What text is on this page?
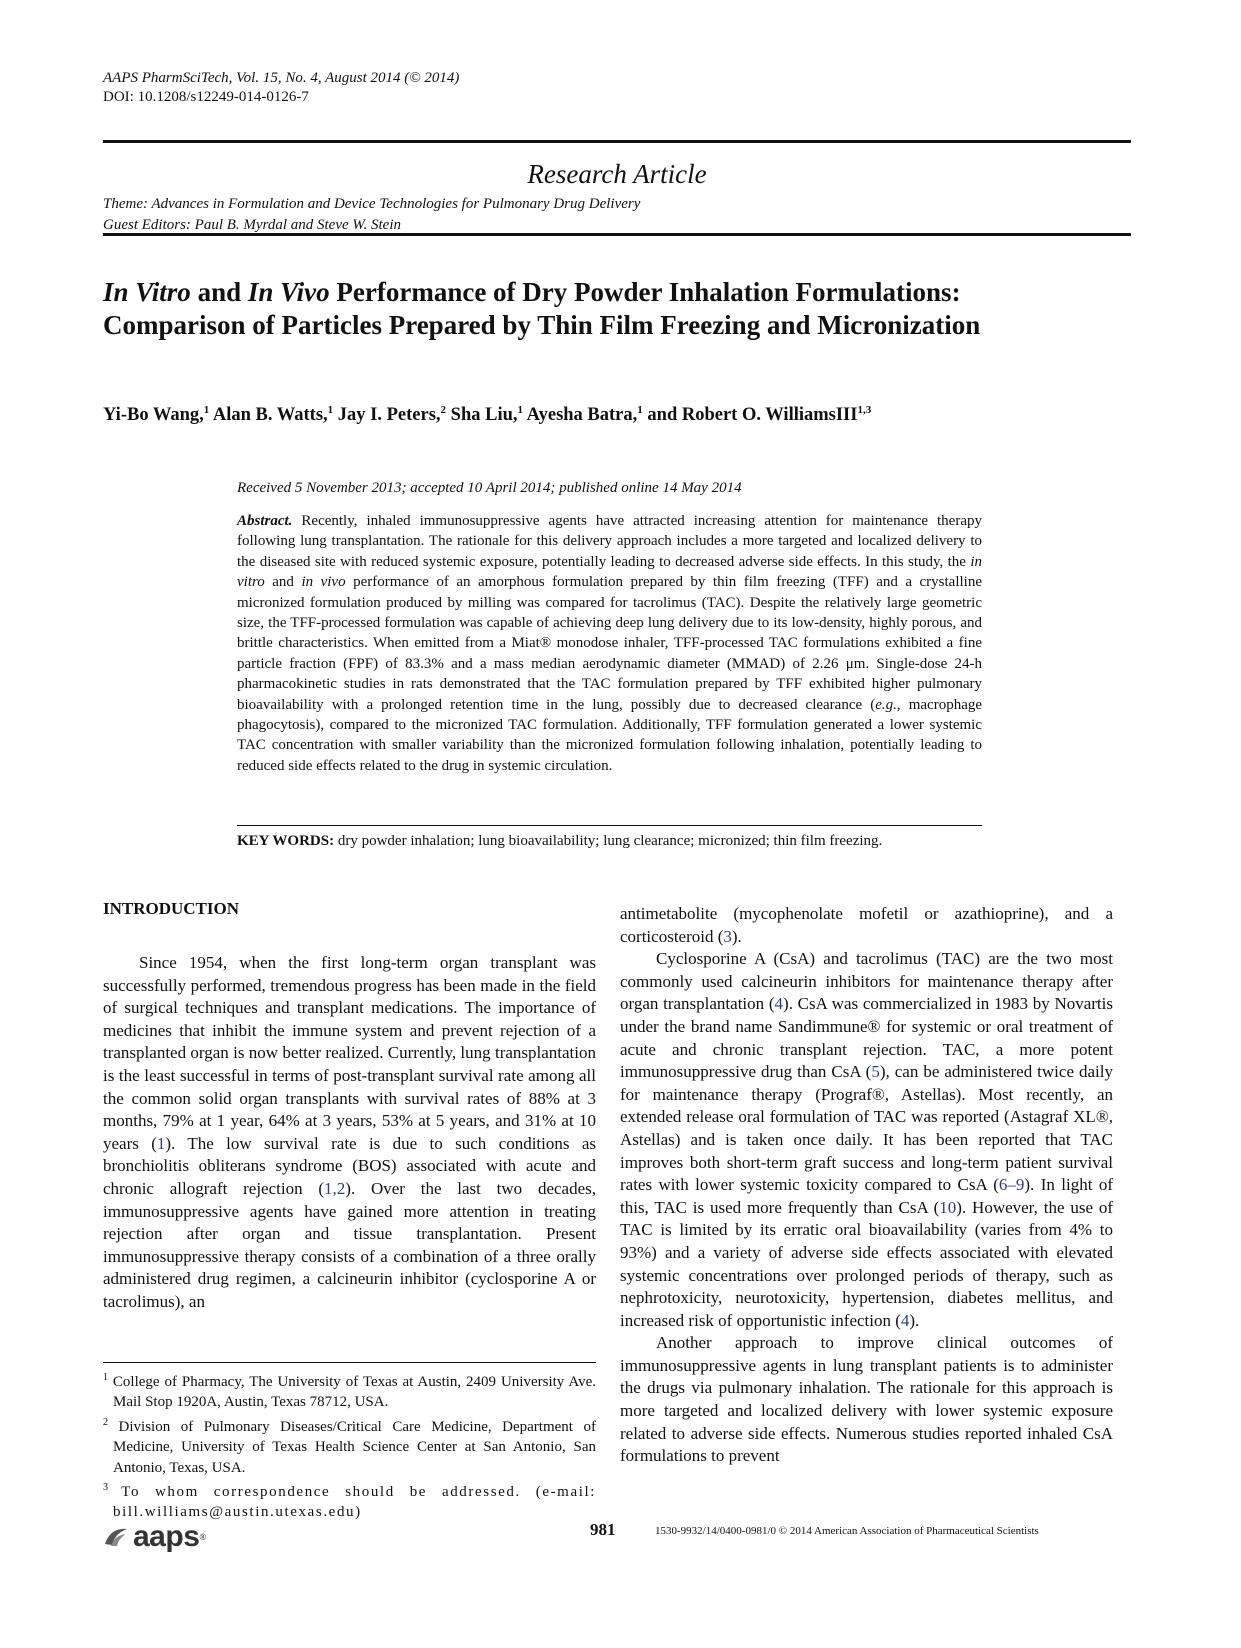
AAPS PharmSciTech, Vol. 15, No. 4, August 2014 (© 2014)
DOI: 10.1208/s12249-014-0126-7
Research Article
Theme: Advances in Formulation and Device Technologies for Pulmonary Drug Delivery
Guest Editors: Paul B. Myrdal and Steve W. Stein
In Vitro and In Vivo Performance of Dry Powder Inhalation Formulations:
Comparison of Particles Prepared by Thin Film Freezing and Micronization
Yi-Bo Wang,$^1$ Alan B. Watts,$^1$ Jay I. Peters,$^2$ Sha Liu,$^1$ Ayesha Batra,$^1$ and Robert O. WilliamsIII$^{1,3}$
Received 5 November 2013; accepted 10 April 2014; published online 14 May 2014
Abstract. Recently, inhaled immunosuppressive agents have attracted increasing attention for maintenance therapy following lung transplantation. The rationale for this delivery approach includes a more targeted and localized delivery to the diseased site with reduced systemic exposure, potentially leading to decreased adverse side effects. In this study, the in vitro and in vivo performance of an amorphous formulation prepared by thin film freezing (TFF) and a crystalline micronized formulation produced by milling was compared for tacrolimus (TAC). Despite the relatively large geometric size, the TFF-processed formulation was capable of achieving deep lung delivery due to its low-density, highly porous, and brittle characteristics. When emitted from a Miat® monodose inhaler, TFF-processed TAC formulations exhibited a fine particle fraction (FPF) of 83.3% and a mass median aerodynamic diameter (MMAD) of 2.26 μm. Single-dose 24-h pharmacokinetic studies in rats demonstrated that the TAC formulation prepared by TFF exhibited higher pulmonary bioavailability with a prolonged retention time in the lung, possibly due to decreased clearance (e.g., macrophage phagocytosis), compared to the micronized TAC formulation. Additionally, TFF formulation generated a lower systemic TAC concentration with smaller variability than the micronized formulation following inhalation, potentially leading to reduced side effects related to the drug in systemic circulation.
KEY WORDS: dry powder inhalation; lung bioavailability; lung clearance; micronized; thin film freezing.
INTRODUCTION

Since 1954, when the first long-term organ transplant was successfully performed, tremendous progress has been made in the field of surgical techniques and transplant medications. The importance of medicines that inhibit the immune system and prevent rejection of a transplanted organ is now better realized. Currently, lung transplantation is the least successful in terms of post-transplant survival rate among all the common solid organ transplants with survival rates of 88% at 3 months, 79% at 1 year, 64% at 3 years, 53% at 5 years, and 31% at 10 years (1). The low survival rate is due to such conditions as bronchiolitis obliterans syndrome (BOS) associated with acute and chronic allograft rejection (1,2). Over the last two decades, immunosuppressive agents have gained more attention in treating rejection after organ and tissue transplantation. Present immunosuppressive therapy consists of a combination of a three orally administered drug regimen, a calcineurin inhibitor (cyclosporine A or tacrolimus), an

antimetabolite (mycophenolate mofetil or azathioprine), and a corticosteroid (3).

Cyclosporine A (CsA) and tacrolimus (TAC) are the two most commonly used calcineurin inhibitors for maintenance therapy after organ transplantation (4). CsA was commercialized in 1983 by Novartis under the brand name Sandimmune® for systemic or oral treatment of acute and chronic transplant rejection. TAC, a more potent immunosuppressive drug than CsA (5), can be administered twice daily for maintenance therapy (Prograf®, Astellas). Most recently, an extended release oral formulation of TAC was reported (Astagraf XL®, Astellas) and is taken once daily. It has been reported that TAC improves both short-term graft success and long-term patient survival rates with lower systemic toxicity compared to CsA (6–9). In light of this, TAC is used more frequently than CsA (10). However, the use of TAC is limited by its erratic oral bioavailability (varies from 4% to 93%) and a variety of adverse side effects associated with elevated systemic concentrations over prolonged periods of therapy, such as nephrotoxicity, neurotoxicity, hypertension, diabetes mellitus, and increased risk of opportunistic infection (4).

Another approach to improve clinical outcomes of immunosuppressive agents in lung transplant patients is to administer the drugs via pulmonary inhalation. The rationale for this approach is more targeted and localized delivery with lower systemic exposure related to adverse side effects. Numerous studies reported inhaled CsA formulations to prevent

$^1$ College of Pharmacy, The University of Texas at Austin, 2409 University Ave. Mail Stop 1920A, Austin, Texas 78712, USA.

$^2$ Division of Pulmonary Diseases/Critical Care Medicine, Department of Medicine, University of Texas Health Science Center at San Antonio, San Antonio, Texas, USA.

$^3$ To whom correspondence should be addressed. (e-mail: bill.williams@austin.utexas.edu)

aaps ®	981	1530-9932/14/0400-0981/0 © 2014 American Association of Pharmaceutical Scientists
